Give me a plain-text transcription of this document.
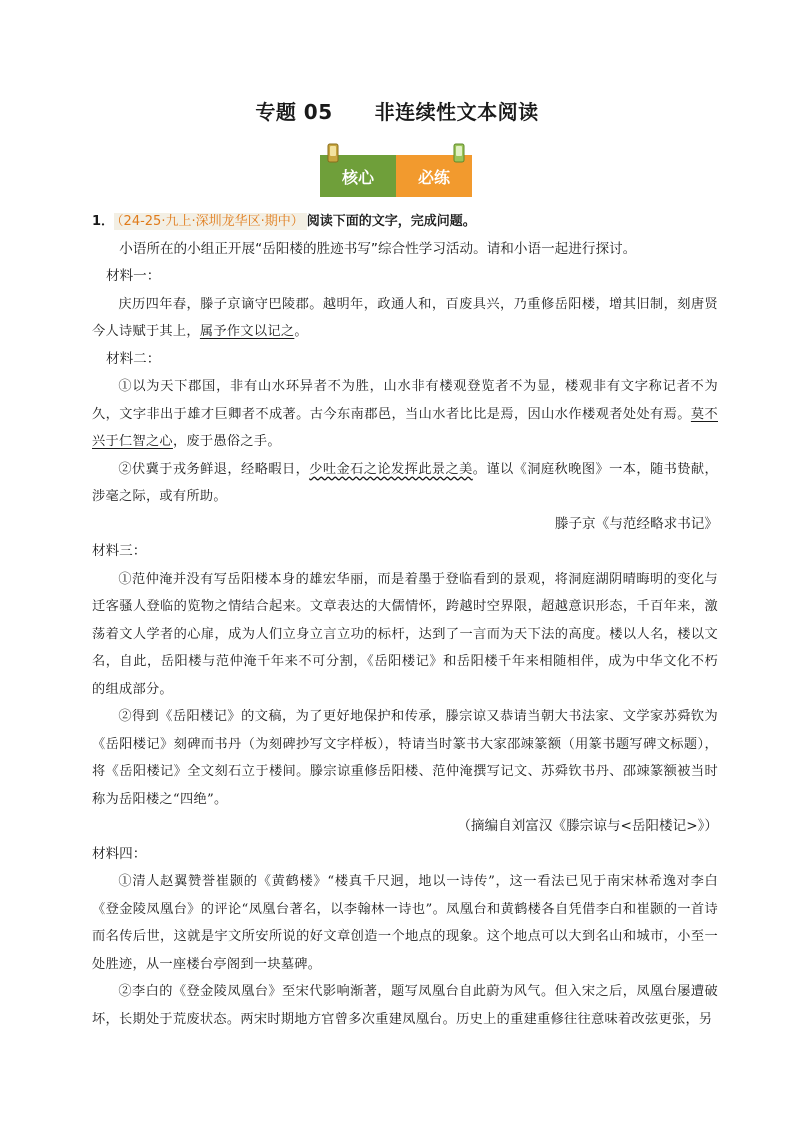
专题 05 非连续性文本阅读
核心	必练
1． （24-25·九上·深圳龙华区·期中） 阅读下面的文字，完成问题。
小语所在的小组正开展“岳阳楼的胜迹书写”综合性学习活动。请和小语一起进行探讨。
材料一：

庆历四年春，滕子京谪守巴陵郡。越明年，政通人和，百废具兴，乃重修岳阳楼，增其旧制，刻唐贤今人诗赋于其上，属予作文以记之。

材料二：

①以为天下郡国，非有山水环异者不为胜，山水非有楼观登览者不为显，楼观非有文字称记者不为久，文字非出于雄才巨卿者不成著。古今东南郡邑，当山水者比比是焉，因山水作楼观者处处有焉。莫不兴于仁智之心，废于愚俗之手。

②伏冀于戎务鲜退，经略暇日，少吐金石之论发挥此景之美。谨以《洞庭秋晚图》一本，随书贽献，涉毫之际，或有所助。

滕子京《与范经略求书记》
材料三：

①范仲淹并没有写岳阳楼本身的雄宏华丽，而是着墨于登临看到的景观，将洞庭湖阴晴晦明的变化与迁客骚人登临的览物之情结合起来。文章表达的大儒情怀，跨越时空界限，超越意识形态，千百年来，激荡着文人学者的心扉，成为人们立身立言立功的标杆，达到了一言而为天下法的高度。楼以人名，楼以文名，自此，岳阳楼与范仲淹千年来不可分割，《岳阳楼记》和岳阳楼千年来相随相伴，成为中华文化不朽的组成部分。

②得到《岳阳楼记》的文稿，为了更好地保护和传承，滕宗谅又恭请当朝大书法家、文学家苏舜钦为《岳阳楼记》刻碑而书丹（为刻碑抄写文字样板），特请当时篆书大家邵竦篆额（用篆书题写碑文标题），将《岳阳楼记》全文刻石立于楼间。滕宗谅重修岳阳楼、范仲淹撰写记文、苏舜钦书丹、邵竦篆额被当时称为岳阳楼之“四绝”。

（摘编自刘富汉《滕宗谅与<岳阳楼记>》）
材料四：

①清人赵翼赞誉崔颢的《黄鹤楼》“楼真千尺迥，地以一诗传”，这一看法已见于南宋林希逸对李白《登金陵凤凰台》的评论“凤凰台著名，以李翰林一诗也”。凤凰台和黄鹤楼各自凭借李白和崔颢的一首诗而名传后世，这就是宇文所安所说的好文章创造一个地点的现象。这个地点可以大到名山和城市，小至一处胜迹，从一座楼台亭阁到一块墓碑。

②李白的《登金陵凤凰台》至宋代影响渐著，题写凤凰台自此蔚为风气。但入宋之后，凤凰台屡遭破坏，长期处于荒废状态。两宋时期地方官曾多次重建凤凰台。历史上的重建重修往往意味着改弦更张，另
